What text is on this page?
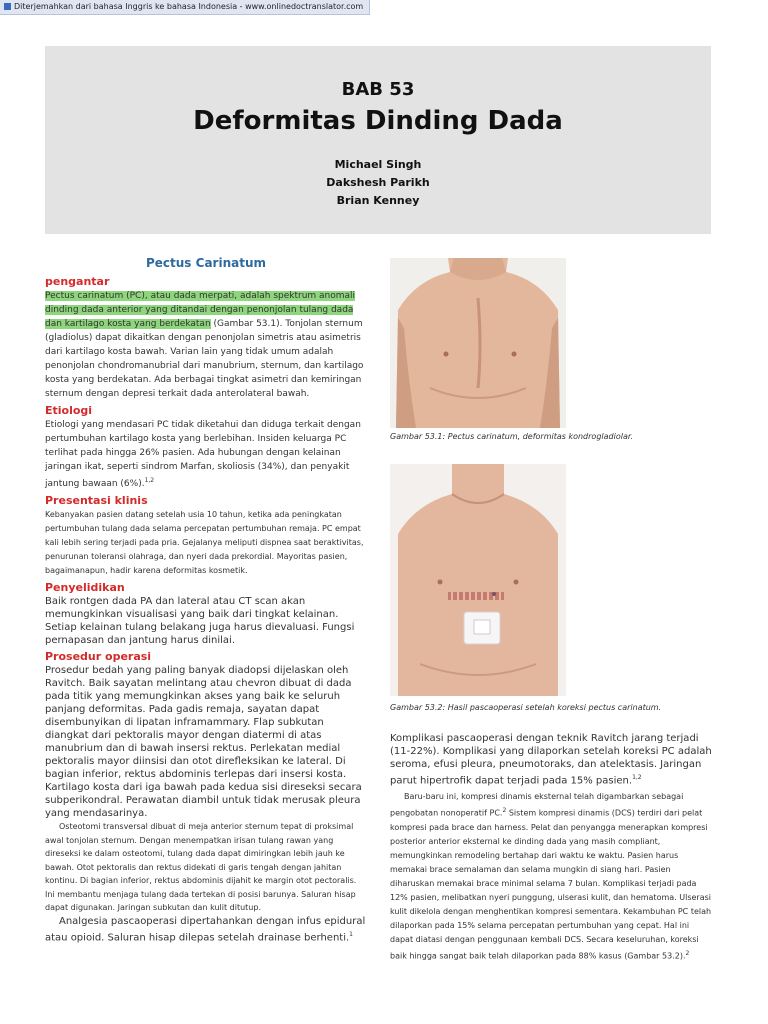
Diterjemahkan dari bahasa Inggris ke bahasa Indonesia - www.onlinedoctranslator.com
BAB 53
Deformitas Dinding Dada
Michael Singh
Dakshesh Parikh
Brian Kenney
Pectus Carinatum
pengantar

Pectus carinatum (PC), atau dada merpati, adalah spektrum anomali dinding dada anterior yang ditandai dengan penonjolan tulang dada dan kartilago kosta yang berdekatan (Gambar 53.1). Tonjolan sternum (gladiolus) dapat dikaitkan dengan penonjolan simetris atau asimetris dari kartilago kosta bawah. Varian lain yang tidak umum adalah penonjolan chondromanubrial dari manubrium, sternum, dan kartilago kosta yang berdekatan. Ada berbagai tingkat asimetri dan kemiringan sternum dengan depresi terkait dada anterolateral bawah.

Etiologi

Etiologi yang mendasari PC tidak diketahui dan diduga terkait dengan pertumbuhan kartilago kosta yang berlebihan. Insiden keluarga PC terlihat pada hingga 26% pasien. Ada hubungan dengan kelainan jaringan ikat, seperti sindrom Marfan, skoliosis (34%), dan penyakit jantung bawaan (6%).$^{1,2}$

Presentasi klinis

Kebanyakan pasien datang setelah usia 10 tahun, ketika ada peningkatan pertumbuhan tulang dada selama percepatan pertumbuhan remaja. PC empat kali lebih sering terjadi pada pria. Gejalanya meliputi dispnea saat beraktivitas, penurunan toleransi olahraga, dan nyeri dada prekordial. Mayoritas pasien, bagaimanapun, hadir karena deformitas kosmetik.

Penyelidikan

Baik rontgen dada PA dan lateral atau CT scan akan memungkinkan visualisasi yang baik dari tingkat kelainan. Setiap kelainan tulang belakang juga harus dievaluasi. Fungsi pernapasan dan jantung harus dinilai.

Prosedur operasi

Prosedur bedah yang paling banyak diadopsi dijelaskan oleh Ravitch. Baik sayatan melintang atau chevron dibuat di dada pada titik yang memungkinkan akses yang baik ke seluruh panjang deformitas. Pada gadis remaja, sayatan dapat disembunyikan di lipatan inframammary. Flap subkutan diangkat dari pektoralis mayor dengan diatermi di atas manubrium dan di bawah insersi rektus. Perlekatan medial pektoralis mayor diinsisi dan otot direfleksikan ke lateral. Di bagian inferior, rektus abdominis terlepas dari insersi kosta. Kartilago kosta dari iga bawah pada kedua sisi direseksi secara subperikondral. Perawatan diambil untuk tidak merusak pleura yang mendasarinya.

Osteotomi transversal dibuat di meja anterior sternum tepat di proksimal awal tonjolan sternum. Dengan menempatkan irisan tulang rawan yang direseksi ke dalam osteotomi, tulang dada dapat dimiringkan lebih jauh ke bawah. Otot pektoralis dan rektus didekati di garis tengah dengan jahitan kontinu. Di bagian inferior, rektus abdominis dijahit ke margin otot pectoralis. Ini membantu menjaga tulang dada tertekan di posisi barunya. Saluran hisap dapat digunakan. Jaringan subkutan dan kulit ditutup.

Analgesia pascaoperasi dipertahankan dengan infus epidural atau opioid. Saluran hisap dilepas setelah drainase berhenti.$^1$

Gambar 53.1: Pectus carinatum, deformitas kondrogladiolar.
Gambar 53.2: Hasil pascaoperasi setelah koreksi pectus carinatum.

Komplikasi pascaoperasi dengan teknik Ravitch jarang terjadi (11-22%). Komplikasi yang dilaporkan setelah koreksi PC adalah seroma, efusi pleura, pneumotoraks, dan atelektasis. Jaringan parut hipertrofik dapat terjadi pada 15% pasien.$^{1,2}$

Baru-baru ini, kompresi dinamis eksternal telah digambarkan sebagai pengobatan nonoperatif PC.$^2$ Sistem kompresi dinamis (DCS) terdiri dari pelat kompresi pada brace dan harness. Pelat dan penyangga menerapkan kompresi posterior anterior eksternal ke dinding dada yang masih compliant, memungkinkan remodeling bertahap dari waktu ke waktu. Pasien harus memakai brace semalaman dan selama mungkin di siang hari. Pasien diharuskan memakai brace minimal selama 7 bulan. Komplikasi terjadi pada 12% pasien, melibatkan nyeri punggung, ulserasi kulit, dan hematoma. Ulserasi kulit dikelola dengan menghentikan kompresi sementara. Kekambuhan PC telah dilaporkan pada 15% selama percepatan pertumbuhan yang cepat. Hal ini dapat diatasi dengan penggunaan kembali DCS. Secara keseluruhan, koreksi baik hingga sangat baik telah dilaporkan pada 88% kasus (Gambar 53.2).$^2$
